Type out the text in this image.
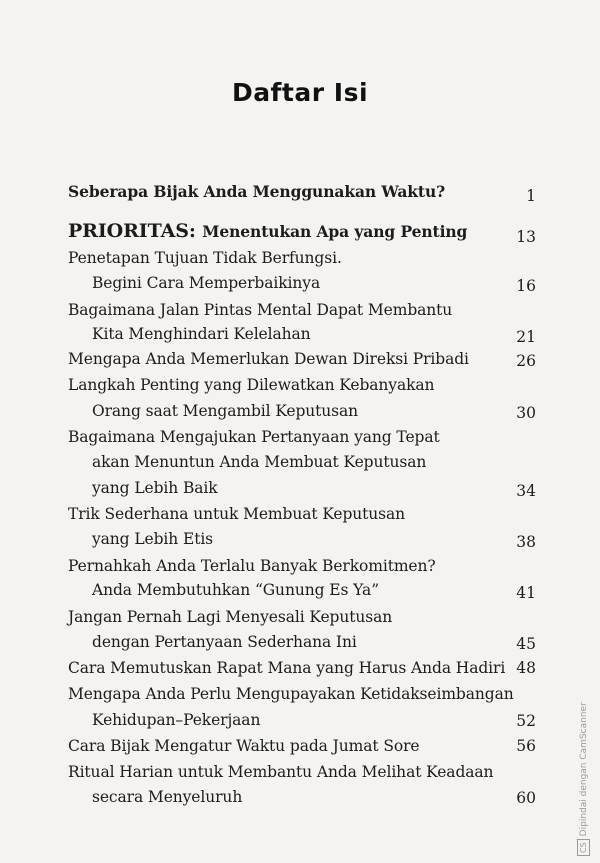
Daftar Isi
Seberapa Bijak Anda Menggunakan Waktu?	1
PRIORITAS: Menentukan Apa yang Penting	13
Penetapan Tujuan Tidak Berfungsi.
Begini Cara Memperbaikinya	16
Bagaimana Jalan Pintas Mental Dapat Membantu
Kita Menghindari Kelelahan	21
Mengapa Anda Memerlukan Dewan Direksi Pribadi	26
Langkah Penting yang Dilewatkan Kebanyakan
Orang saat Mengambil Keputusan	30
Bagaimana Mengajukan Pertanyaan yang Tepat
akan Menuntun Anda Membuat Keputusan
yang Lebih Baik	34
Trik Sederhana untuk Membuat Keputusan
yang Lebih Etis	38
Pernahkah Anda Terlalu Banyak Berkomitmen?
Anda Membutuhkan “Gunung Es Ya”	41
Jangan Pernah Lagi Menyesali Keputusan
dengan Pertanyaan Sederhana Ini	45
Cara Memutuskan Rapat Mana yang Harus Anda Hadiri 48
Mengapa Anda Perlu Mengupayakan Ketidakseimbangan
Kehidupan–Pekerjaan	52
Cara Bijak Mengatur Waktu pada Jumat Sore	56
Ritual Harian untuk Membantu Anda Melihat Keadaan
secara Menyeluruh	60
CSDipindai dengan CamScanner
